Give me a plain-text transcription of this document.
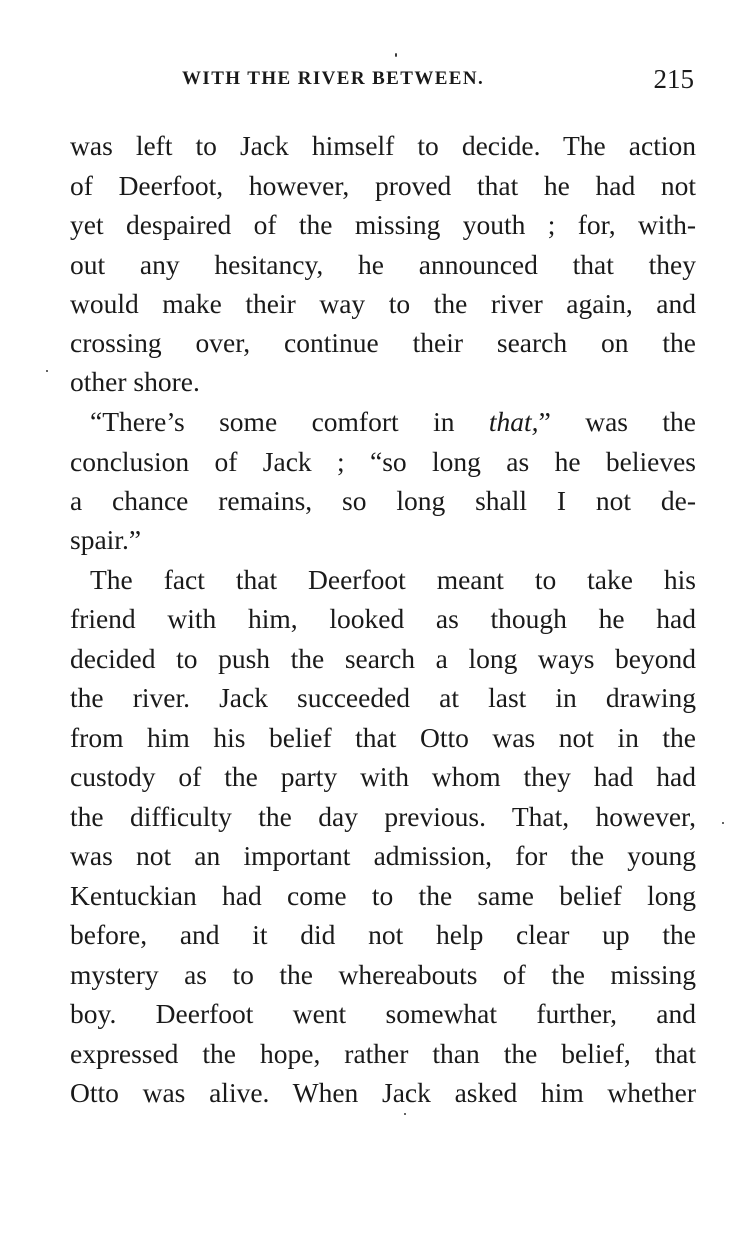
WITH THE RIVER BETWEEN.	215
was left to Jack himself to decide. The action
of Deerfoot, however, proved that he had not
yet despaired of the missing youth ; for, with-
out any hesitancy, he announced that they
would make their way to the river again, and
crossing over, continue their search on the
other shore.
“There’s some comfort in that,” was the
conclusion of Jack ; “so long as he believes
a chance remains, so long shall I not de-
spair.”
The fact that Deerfoot meant to take his
friend with him, looked as though he had
decided to push the search a long ways beyond
the river. Jack succeeded at last in drawing
from him his belief that Otto was not in the
custody of the party with whom they had had
the difficulty the day previous. That, however,
was not an important admission, for the young
Kentuckian had come to the same belief long
before, and it did not help clear up the
mystery as to the whereabouts of the missing
boy. Deerfoot went somewhat further, and
expressed the hope, rather than the belief, that
Otto was alive. When Jack asked him whether
